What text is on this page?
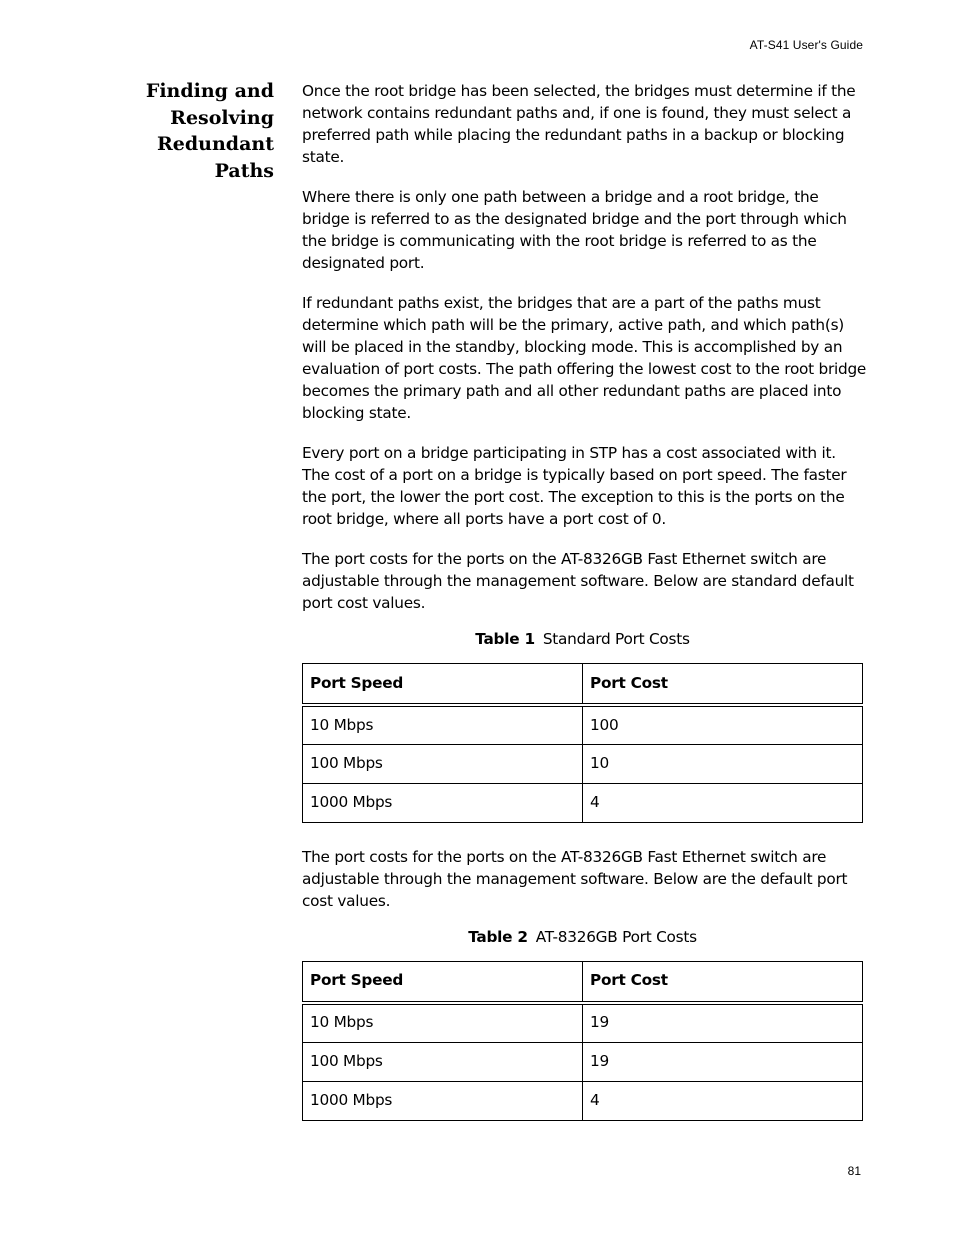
AT-S41 User's Guide
Finding and
Resolving
Redundant
Paths

Once the root bridge has been selected, the bridges must determine if the network contains redundant paths and, if one is found, they must select a preferred path while placing the redundant paths in a backup or blocking state.

Where there is only one path between a bridge and a root bridge, the bridge is referred to as the designated bridge and the port through which the bridge is communicating with the root bridge is referred to as the designated port.

If redundant paths exist, the bridges that are a part of the paths must determine which path will be the primary, active path, and which path(s) will be placed in the standby, blocking mode. This is accomplished by an evaluation of port costs. The path offering the lowest cost to the root bridge becomes the primary path and all other redundant paths are placed into blocking state.

Every port on a bridge participating in STP has a cost associated with it. The cost of a port on a bridge is typically based on port speed. The faster the port, the lower the port cost. The exception to this is the ports on the root bridge, where all ports have a port cost of 0.

The port costs for the ports on the AT-8326GB Fast Ethernet switch are adjustable through the management software. Below are standard default port cost values.

Table 1 Standard Port Costs
Port Speed	Port Cost
10 Mbps	100
100 Mbps	10
1000 Mbps	4

The port costs for the ports on the AT-8326GB Fast Ethernet switch are adjustable through the management software. Below are the default port cost values.

Table 2 AT-8326GB Port Costs
Port Speed	Port Cost
10 Mbps	19
100 Mbps	19
1000 Mbps	4
81
